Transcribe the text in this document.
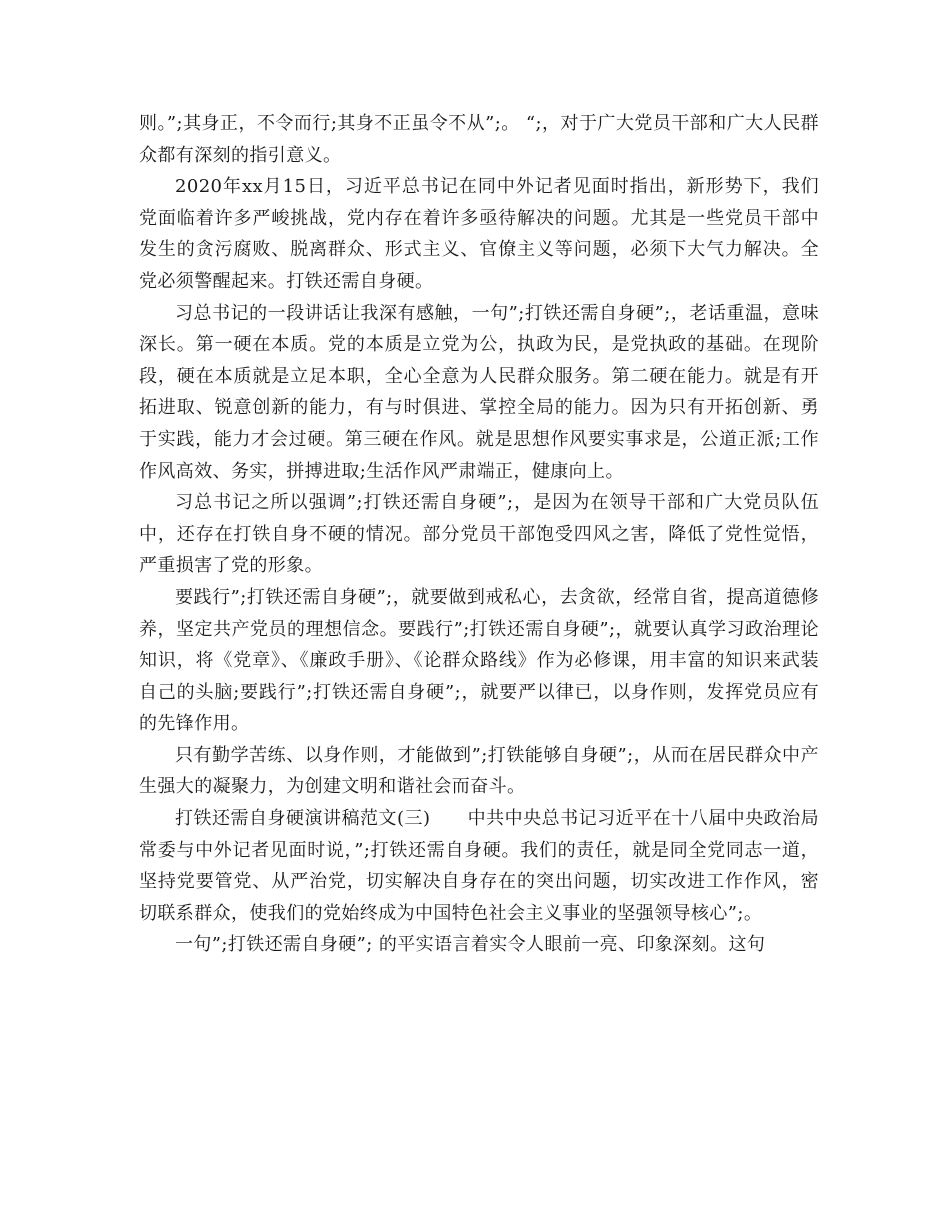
则。”;其身正，不令而行;其身不正虽令不从”;。 “;，对于广大党员干部和广大人民群众都有深刻的指引意义。

2020年xx月15日，习近平总书记在同中外记者见面时指出，新形势下，我们党面临着许多严峻挑战，党内存在着许多亟待解决的问题。尤其是一些党员干部中发生的贪污腐败、脱离群众、形式主义、官僚主义等问题，必须下大气力解决。全党必须警醒起来。打铁还需自身硬。

习总书记的一段讲话让我深有感触，一句”;打铁还需自身硬”;，老话重温，意味深长。第一硬在本质。党的本质是立党为公，执政为民，是党执政的基础。在现阶段，硬在本质就是立足本职，全心全意为人民群众服务。第二硬在能力。就是有开拓进取、锐意创新的能力，有与时俱进、掌控全局的能力。因为只有开拓创新、勇于实践，能力才会过硬。第三硬在作风。就是思想作风要实事求是，公道正派;工作作风高效、务实，拼搏进取;生活作风严肃端正，健康向上。

习总书记之所以强调”;打铁还需自身硬”;，是因为在领导干部和广大党员队伍中，还存在打铁自身不硬的情况。部分党员干部饱受四风之害，降低了党性觉悟，严重损害了党的形象。

要践行”;打铁还需自身硬”;，就要做到戒私心，去贪欲，经常自省，提高道德修养，坚定共产党员的理想信念。要践行”;打铁还需自身硬”;，就要认真学习政治理论知识，将《党章》、《廉政手册》、《论群众路线》作为必修课，用丰富的知识来武装自己的头脑;要践行”;打铁还需自身硬”;，就要严以律已，以身作则，发挥党员应有的先锋作用。

只有勤学苦练、以身作则，才能做到”;打铁能够自身硬”;，从而在居民群众中产生强大的凝聚力，为创建文明和谐社会而奋斗。

打铁还需自身硬演讲稿范文(三)　　中共中央总书记习近平在十八届中央政治局常委与中外记者见面时说，”;打铁还需自身硬。我们的责任，就是同全党同志一道，坚持党要管党、从严治党，切实解决自身存在的突出问题，切实改进工作作风，密切联系群众，使我们的党始终成为中国特色社会主义事业的坚强领导核心”;。

一句”;打铁还需自身硬”; 的平实语言着实令人眼前一亮、印象深刻。这句
